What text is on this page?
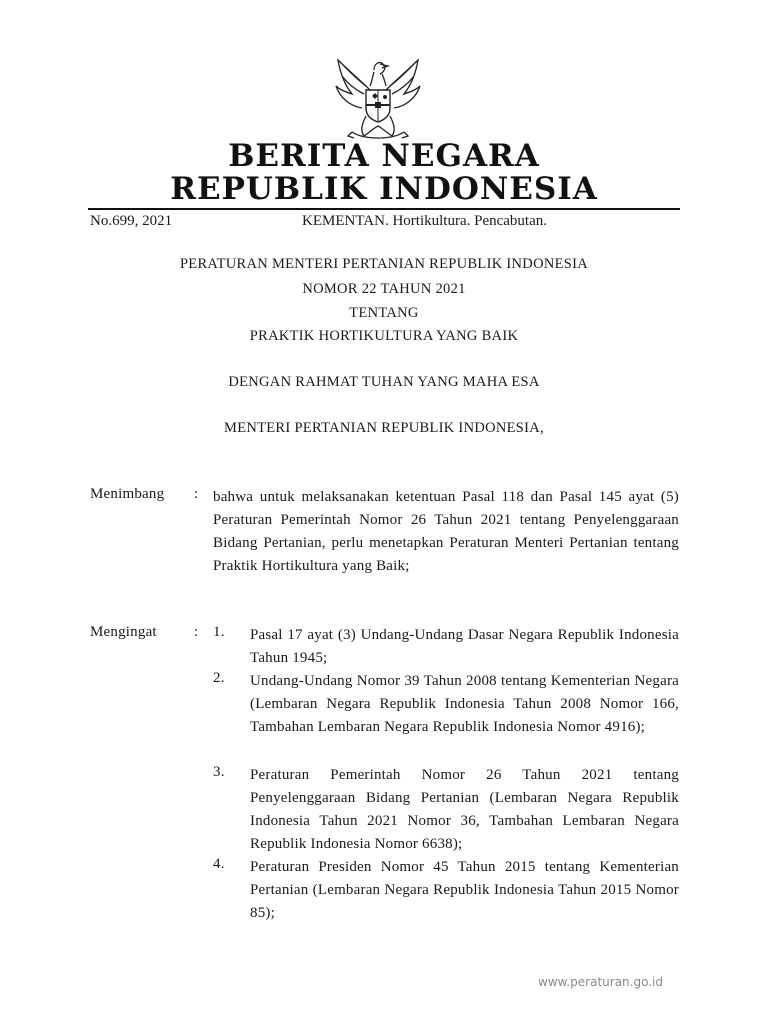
BERITA NEGARA
REPUBLIK INDONESIA
No.699, 2021	KEMENTAN. Hortikultura. Pencabutan.
PERATURAN MENTERI PERTANIAN REPUBLIK INDONESIA
NOMOR 22 TAHUN 2021
TENTANG
PRAKTIK HORTIKULTURA YANG BAIK
DENGAN RAHMAT TUHAN YANG MAHA ESA
MENTERI PERTANIAN REPUBLIK INDONESIA,
Menimbang : bahwa untuk melaksanakan ketentuan Pasal 118 dan Pasal 145 ayat (5) Peraturan Pemerintah Nomor 26 Tahun 2021 tentang Penyelenggaraan Bidang Pertanian, perlu menetapkan Peraturan Menteri Pertanian tentang Praktik Hortikultura yang Baik;
Mengingat : 1. Pasal 17 ayat (3) Undang-Undang Dasar Negara Republik Indonesia Tahun 1945;
2. Undang-Undang Nomor 39 Tahun 2008 tentang Kementerian Negara (Lembaran Negara Republik Indonesia Tahun 2008 Nomor 166, Tambahan Lembaran Negara Republik Indonesia Nomor 4916);
3. Peraturan Pemerintah Nomor 26 Tahun 2021 tentang Penyelenggaraan Bidang Pertanian (Lembaran Negara Republik Indonesia Tahun 2021 Nomor 36, Tambahan Lembaran Negara Republik Indonesia Nomor 6638);
4. Peraturan Presiden Nomor 45 Tahun 2015 tentang Kementerian Pertanian (Lembaran Negara Republik Indonesia Tahun 2015 Nomor 85);
www.peraturan.go.id
